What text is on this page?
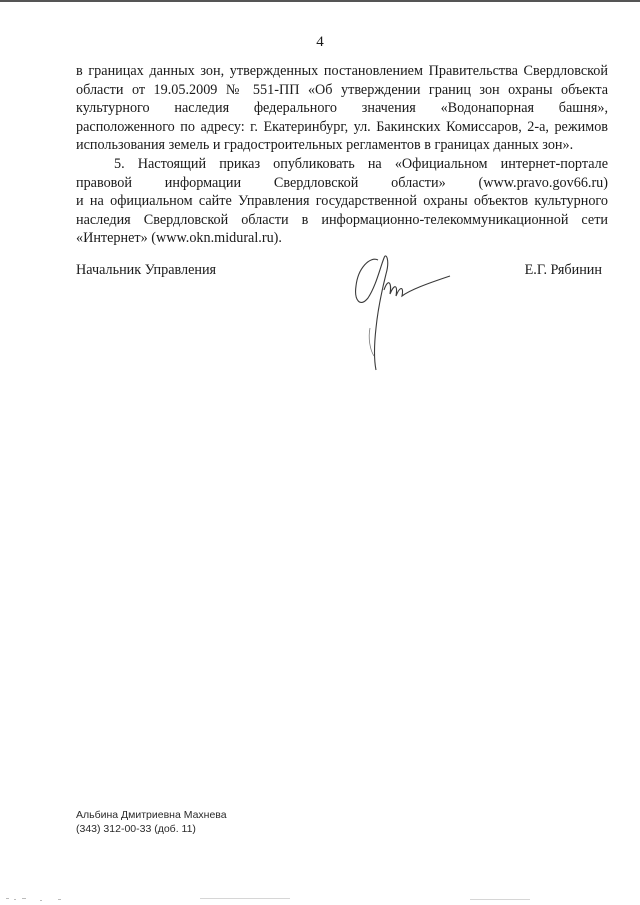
4
в границах данных зон, утвержденных постановлением Правительства Свердловской
области от 19.05.2009 № 551-ПП «Об утверждении границ зон охраны объекта
культурного наследия федерального значения «Водонапорная башня»,
расположенного по адресу: г. Екатеринбург, ул. Бакинских Комиссаров, 2-а, режимов
использования земель и градостроительных регламентов в границах данных зон».
5. Настоящий приказ опубликовать на «Официальном интернет-портале
правовой информации Свердловской области» (www.pravo.gov66.ru)
и на официальном сайте Управления государственной охраны объектов культурного
наследия Свердловской области в информационно-телекоммуникационной сети
«Интернет» (www.okn.midural.ru).
Начальник Управления	Е.Г. Рябинин
Альбина Дмитриевна Махнева
(343) 312-00-33 (доб. 11)
